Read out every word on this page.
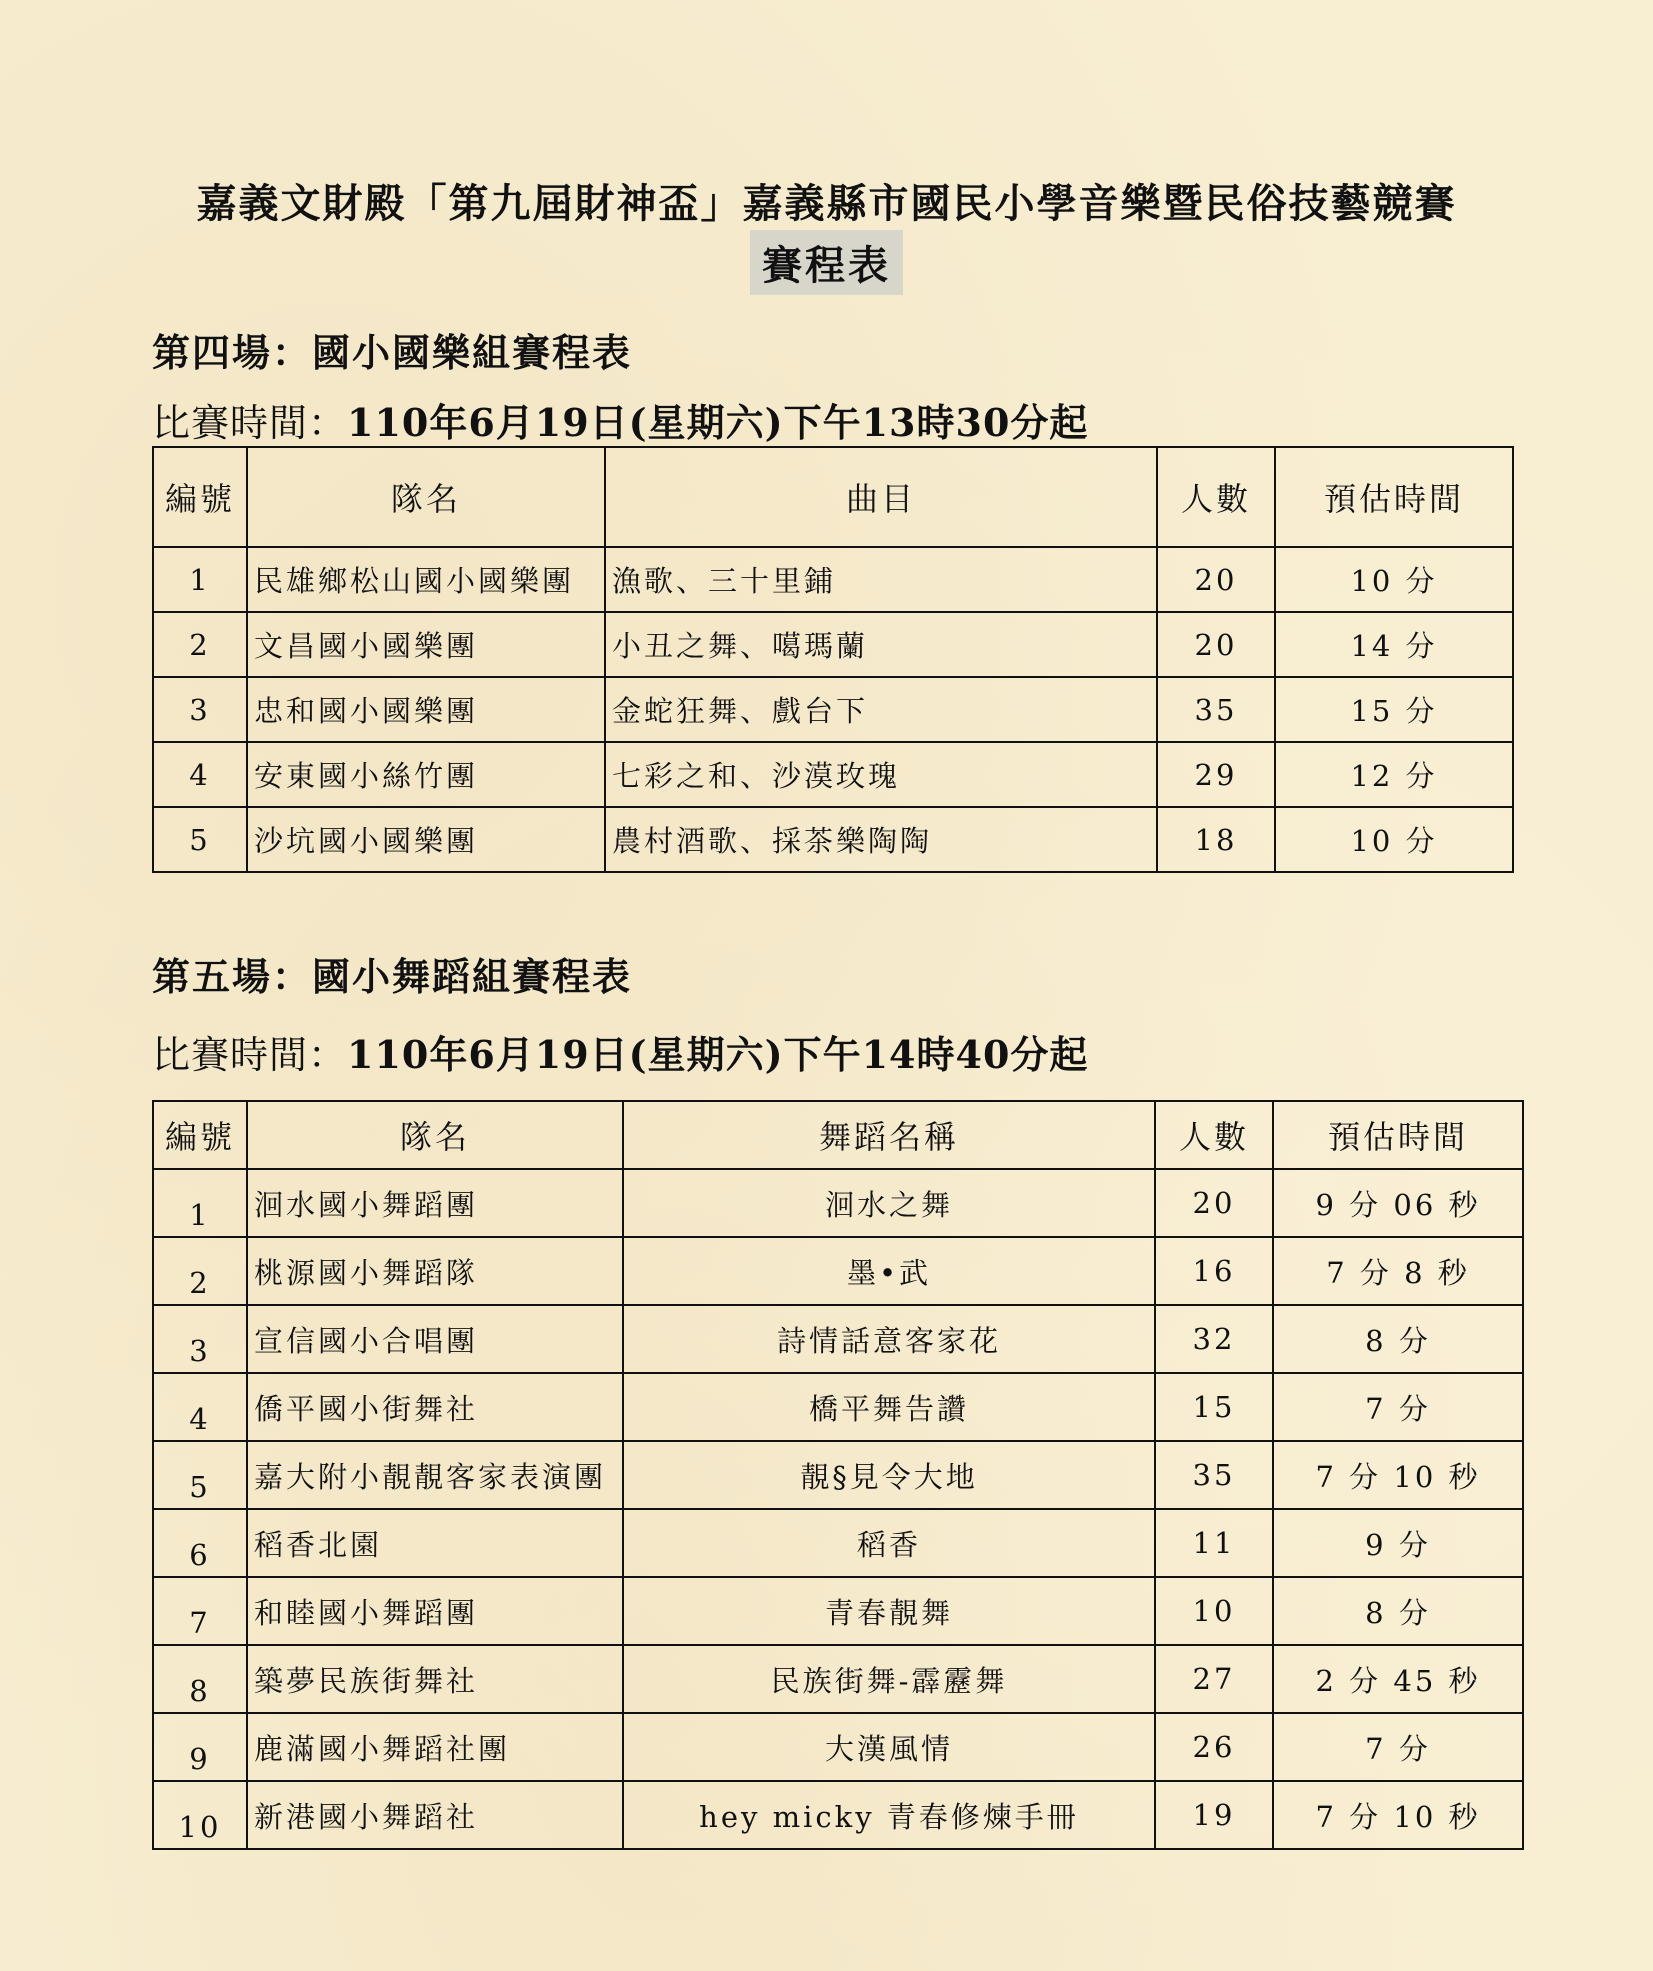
嘉義文財殿「第九屆財神盃」嘉義縣市國民小學音樂暨民俗技藝競賽
賽程表
第四場：國小國樂組賽程表
比賽時間：110年6月19日(星期六)下午13時30分起
編號	隊名	曲目	人數	預估時間
1	民雄鄉松山國小國樂團	漁歌、三十里鋪	20	10 分
2	文昌國小國樂團	小丑之舞、噶瑪蘭	20	14 分
3	忠和國小國樂團	金蛇狂舞、戲台下	35	15 分
4	安東國小絲竹團	七彩之和、沙漠玫瑰	29	12 分
5	沙坑國小國樂團	農村酒歌、採茶樂陶陶	18	10 分
第五場：國小舞蹈組賽程表
比賽時間：110年6月19日(星期六)下午14時40分起
編號	隊名	舞蹈名稱	人數	預估時間
1	洄水國小舞蹈團	洄水之舞	20	9 分 06 秒
2	桃源國小舞蹈隊	墨•武	16	7 分 8 秒
3	宣信國小合唱團	詩情話意客家花	32	8 分
4	僑平國小街舞社	橋平舞告讚	15	7 分
5	嘉大附小靚靚客家表演團	靚§見令大地	35	7 分 10 秒
6	稻香北園	稻香	11	9 分
7	和睦國小舞蹈團	青春靚舞	10	8 分
8	築夢民族街舞社	民族街舞-霹靂舞	27	2 分 45 秒
9	鹿滿國小舞蹈社團	大漢風情	26	7 分
10	新港國小舞蹈社	hey micky 青春修煉手冊	19	7 分 10 秒
